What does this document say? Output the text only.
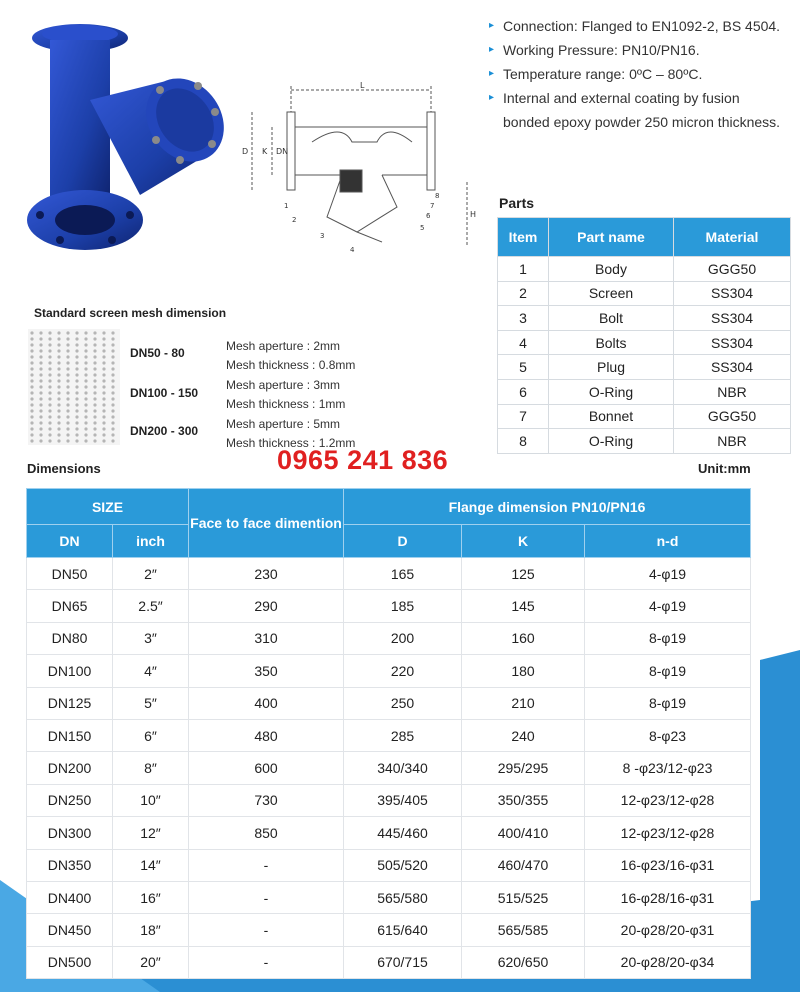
L
D K DN
H
1
2
3
4
5
6
7
8
▸ Connection: Flanged to EN1092-2, BS 4504.
▸ Working Pressure: PN10/PN16.
▸ Temperature range: 0ºC – 80ºC.
▸ Internal and external coating by fusion
bonded epoxy powder 250 micron thickness.
Parts
Item	Part name	Material
1	Body	GGG50
2	Screen	SS304
3	Bolt	SS304
4	Bolts	SS304
5	Plug	SS304
6	O-Ring	NBR
7	Bonnet	GGG50
8	O-Ring	NBR
Standard screen mesh dimension
DN50 - 80
DN100 - 150
DN200 - 300
Mesh aperture : 2mm
Mesh thickness : 0.8mm
Mesh aperture : 3mm
Mesh thickness : 1mm
Mesh aperture : 5mm
Mesh thickness : 1.2mm
0965 241 836
Dimensions	Unit:mm
SIZE		Face to face dimention	Flange dimension PN10/PN16		
DN	inch		D	K	n-d
DN50	2″	230	165	125	4-φ19
DN65	2.5″	290	185	145	4-φ19
DN80	3″	310	200	160	8-φ19
DN100	4″	350	220	180	8-φ19
DN125	5″	400	250	210	8-φ19
DN150	6″	480	285	240	8-φ23
DN200	8″	600	340/340	295/295	8 -φ23/12-φ23
DN250	10″	730	395/405	350/355	12-φ23/12-φ28
DN300	12″	850	445/460	400/410	12-φ23/12-φ28
DN350	14″	-	505/520	460/470	16-φ23/16-φ31
DN400	16″	-	565/580	515/525	16-φ28/16-φ31
DN450	18″	-	615/640	565/585	20-φ28/20-φ31
DN500	20″	-	670/715	620/650	20-φ28/20-φ34
